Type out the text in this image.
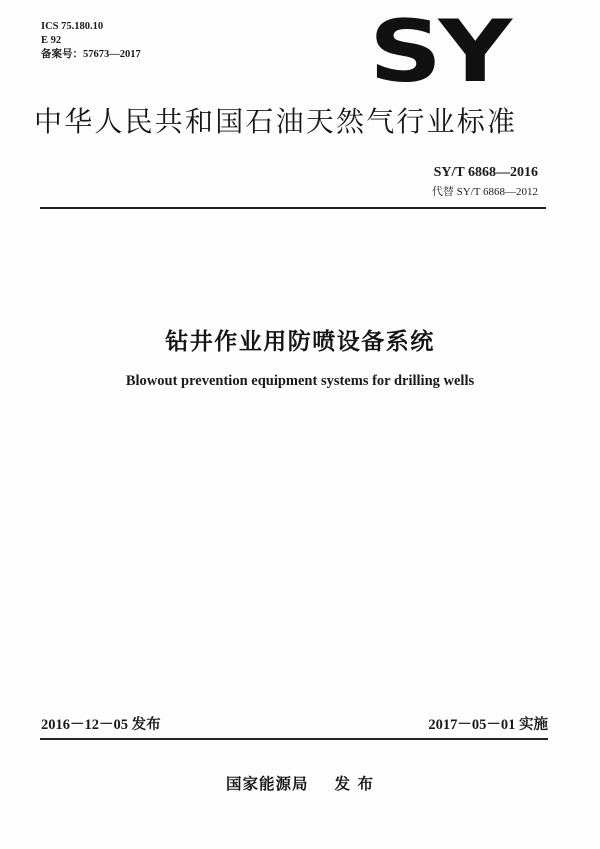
ICS 75.180.10
E 92
备案号：57673—2017	SY
中华人民共和国石油天然气行业标准
SY/T 6868—2016
代替 SY/T 6868—2012
钻井作业用防喷设备系统
Blowout prevention equipment systems for drilling wells
2016－12－05 发布	2017－05－01 实施
国家能源局 发 布
